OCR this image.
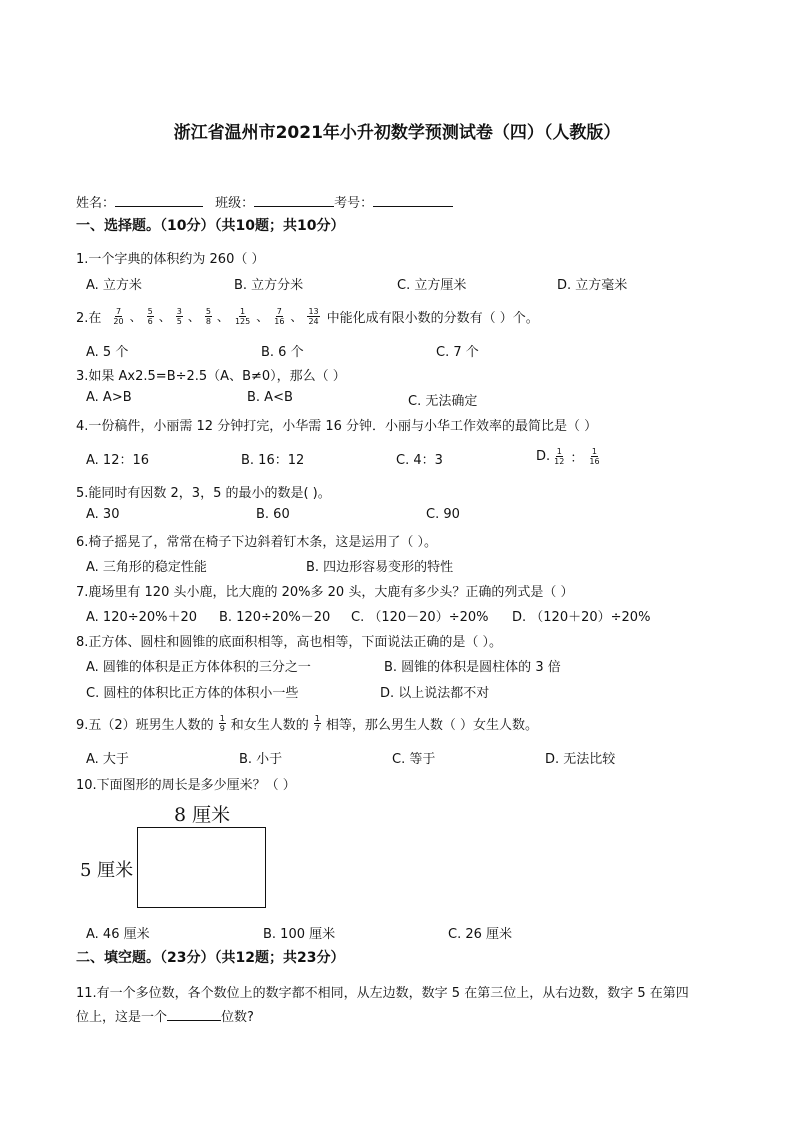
浙江省温州市2021年小升初数学预测试卷（四）（人教版）
姓名：	班级：	考号：
一、选择题。（10分）（共10题；共10分）
1.一个字典的体积约为 260（ ）
A. 立方米	B. 立方分米	C. 立方厘米	D. 立方毫米
2.在 $\frac{7}{20}$ 、 $\frac{5}{6}$ 、 $\frac{3}{5}$ 、 $\frac{5}{8}$ 、 $\frac{1}{125}$ 、 $\frac{7}{16}$ 、 $\frac{13}{24}$ 中能化成有限小数的分数有（ ）个。
A. 5 个	B. 6 个	C. 7 个
3.如果 Ax2.5=B÷2.5（A、B≠0），那么（ ）
A. A>B	B. A<B	C. 无法确定
4.一份稿件，小丽需 12 分钟打完，小华需 16 分钟．小丽与小华工作效率的最简比是（ ）
A. 12：16	B. 16：12	C. 4：3	D. $\frac{1}{12}$ ： $\frac{1}{16}$
5.能同时有因数 2，3，5 的最小的数是( )。
A. 30	B. 60	C. 90
6.椅子摇晃了，常常在椅子下边斜着钉木条，这是运用了（ ）。
A. 三角形的稳定性能	B. 四边形容易变形的特性
7.鹿场里有 120 头小鹿，比大鹿的 20%多 20 头，大鹿有多少头？正确的列式是（ ）
A. 120÷20%＋20 B. 120÷20%－20 C. （120－20）÷20% D. （120＋20）÷20%
8.正方体、圆柱和圆锥的底面积相等，高也相等，下面说法正确的是（ ）。
A. 圆锥的体积是正方体体积的三分之一	B. 圆锥的体积是圆柱体的 3 倍
C. 圆柱的体积比正方体的体积小一些	D. 以上说法都不对
9.五（2）班男生人数的 $\frac{1}{9}$ 和女生人数的 $\frac{1}{7}$ 相等，那么男生人数（ ）女生人数。
A. 大于	B. 小于	C. 等于	D. 无法比较
10.下面图形的周长是多少厘米？（ ）
8 厘米
5 厘米
A. 46 厘米	B. 100 厘米	C. 26 厘米
二、填空题。（23分）（共12题；共23分）
11.有一个多位数，各个数位上的数字都不相同，从左边数，数字 5 在第三位上，从右边数，数字 5 在第四
位上，这是一个	位数?
